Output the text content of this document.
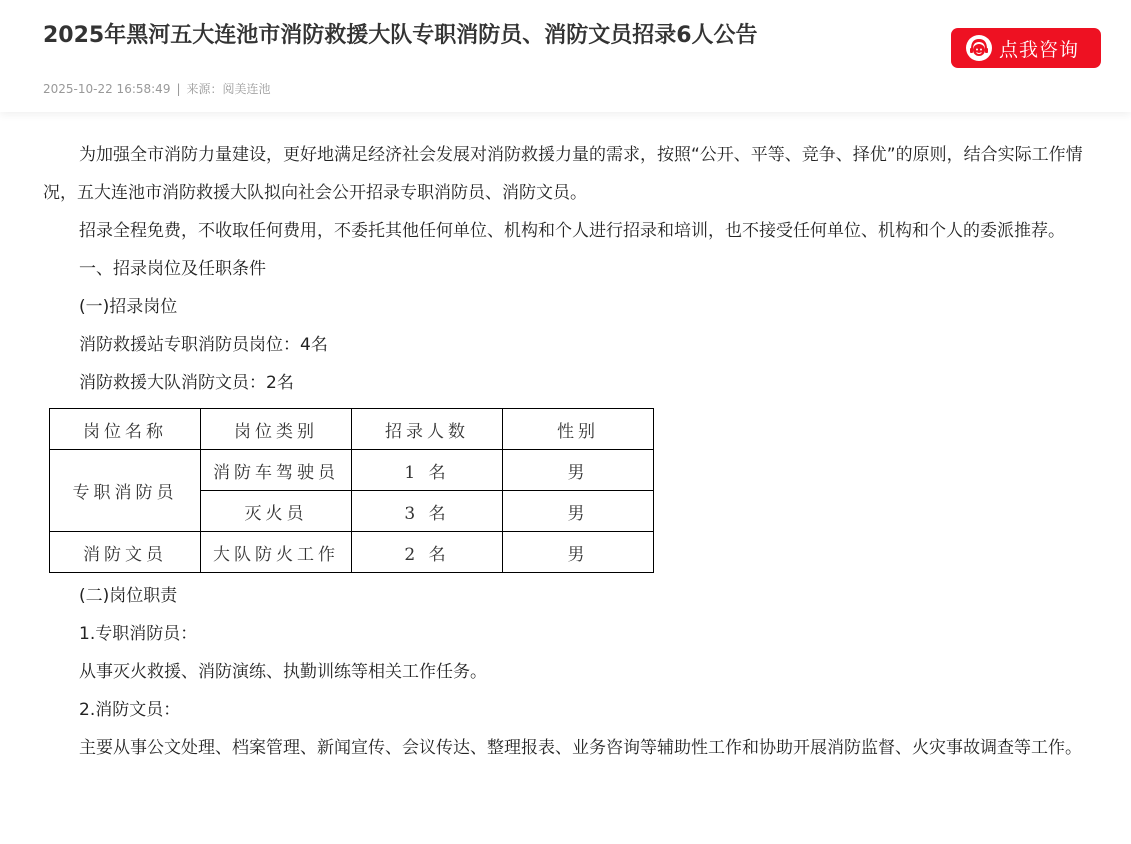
2025年黑河五大连池市消防救援大队专职消防员、消防文员招录6人公告
2025-10-22 16:58:49 | 来源：阅美连池
点我咨询

为加强全市消防力量建设，更好地满足经济社会发展对消防救援力量的需求，按照“公开、平等、竞争、择优”的原则，结合实际工作情况，五大连池市消防救援大队拟向社会公开招录专职消防员、消防文员。

招录全程免费，不收取任何费用，不委托其他任何单位、机构和个人进行招录和培训，也不接受任何单位、机构和个人的委派推荐。

一、招录岗位及任职条件

(一)招录岗位

消防救援站专职消防员岗位：4名

消防救援大队消防文员：2名

岗位名称	岗位类别	招录人数	性别
专职消防员	消防车驾驶员	1 名	男
	灭火员	3 名	男
消防文员	大队防火工作	2 名	男

(二)岗位职责

1.专职消防员：

从事灭火救援、消防演练、执勤训练等相关工作任务。

2.消防文员：

主要从事公文处理、档案管理、新闻宣传、会议传达、整理报表、业务咨询等辅助性工作和协助开展消防监督、火灾事故调查等工作。
